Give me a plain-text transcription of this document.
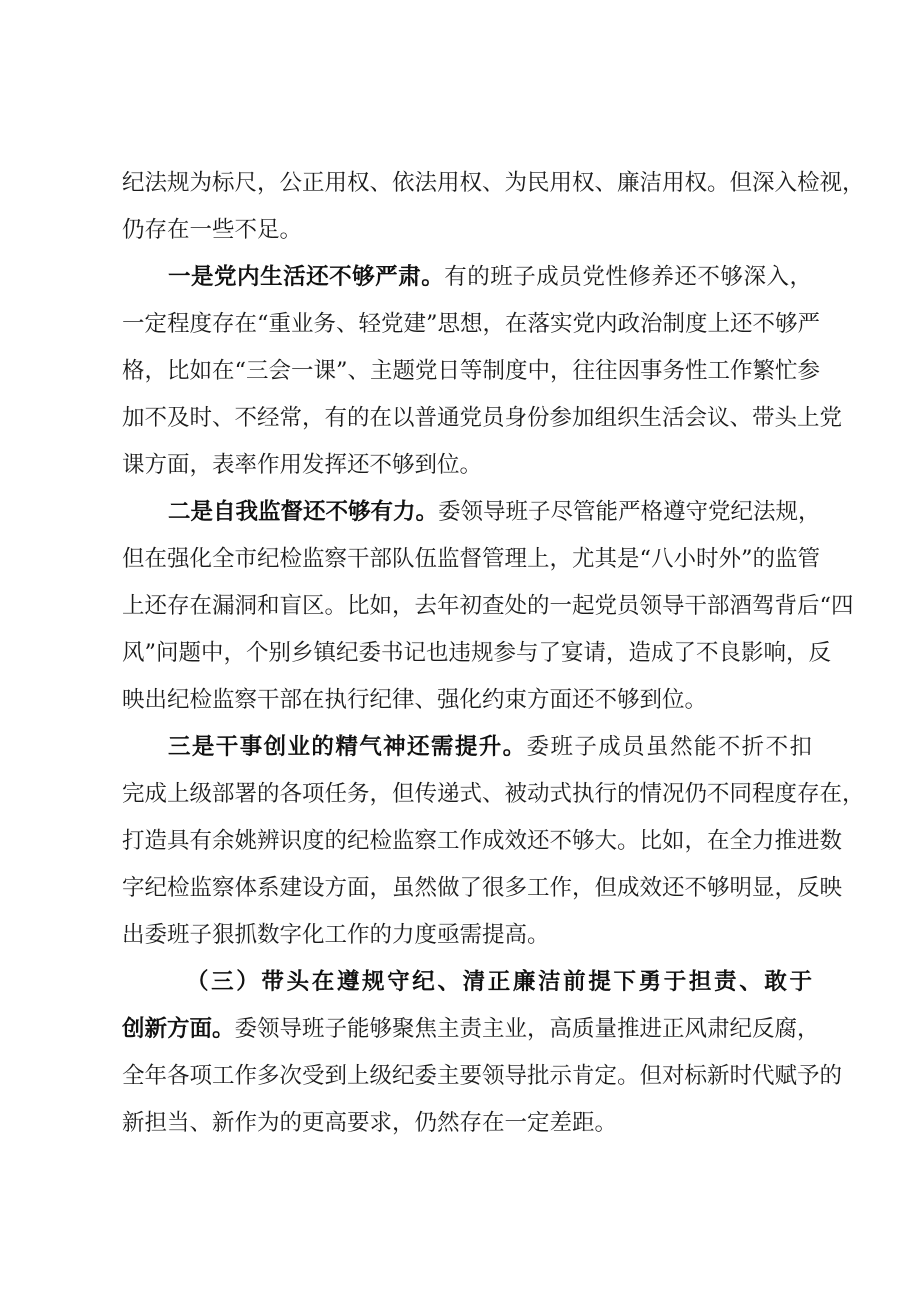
纪法规为标尺，公正用权、依法用权、为民用权、廉洁用权。但深入检视，
仍存在一些不足。
一是党内生活还不够严肃。有的班子成员党性修养还不够深入，
一定程度存在“重业务、轻党建”思想，在落实党内政治制度上还不够严
格，比如在“三会一课”、主题党日等制度中，往往因事务性工作繁忙参
加不及时、不经常，有的在以普通党员身份参加组织生活会议、带头上党
课方面，表率作用发挥还不够到位。
二是自我监督还不够有力。委领导班子尽管能严格遵守党纪法规，
但在强化全市纪检监察干部队伍监督管理上，尤其是“八小时外”的监管
上还存在漏洞和盲区。比如，去年初查处的一起党员领导干部酒驾背后“四
风”问题中，个别乡镇纪委书记也违规参与了宴请，造成了不良影响，反
映出纪检监察干部在执行纪律、强化约束方面还不够到位。
三是干事创业的精气神还需提升。委班子成员虽然能不折不扣
完成上级部署的各项任务，但传递式、被动式执行的情况仍不同程度存在，
打造具有余姚辨识度的纪检监察工作成效还不够大。比如，在全力推进数
字纪检监察体系建设方面，虽然做了很多工作，但成效还不够明显，反映
出委班子狠抓数字化工作的力度亟需提高。
（三）带头在遵规守纪、清正廉洁前提下勇于担责、敢于
创新方面。委领导班子能够聚焦主责主业，高质量推进正风肃纪反腐，
全年各项工作多次受到上级纪委主要领导批示肯定。但对标新时代赋予的
新担当、新作为的更高要求，仍然存在一定差距。
